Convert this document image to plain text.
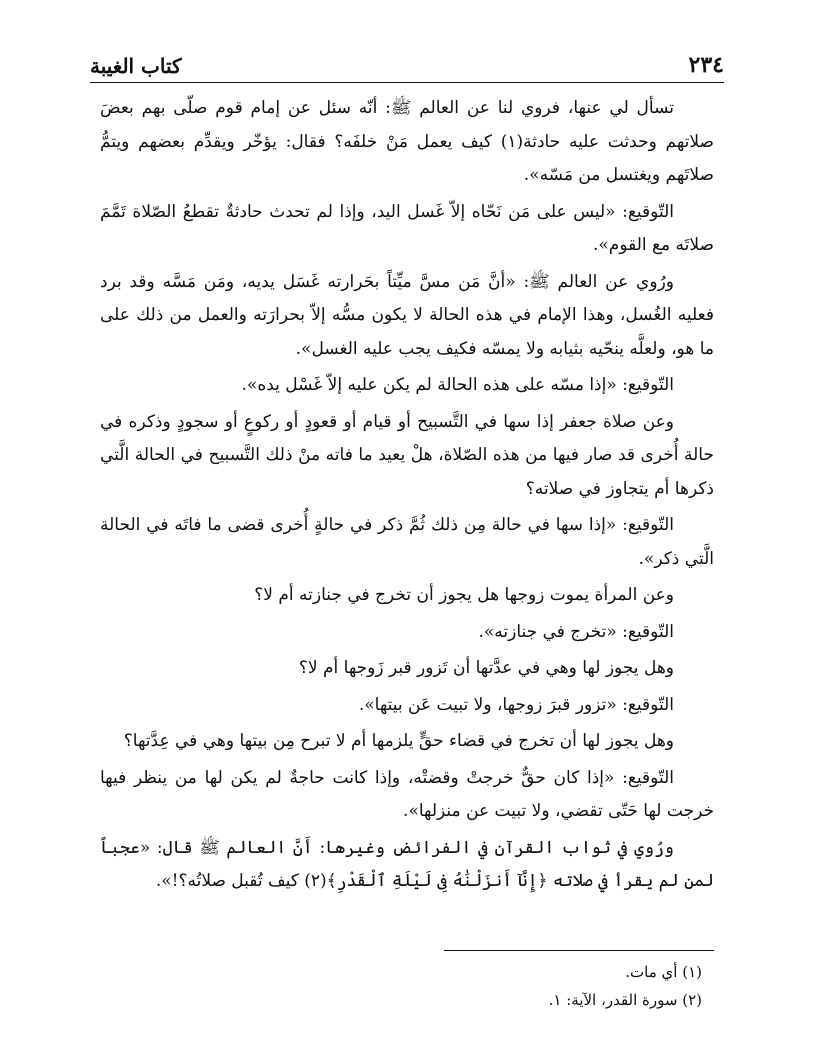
٢٣٤
كتاب الغيبة

تسأل لي عنها، فروي لنا عن العالم ﷺ: أنّه سئل عن إمام قوم صلّى بهم بعضَ صلاتهم وحدثت عليه حادثة(١) كيف يعمل مَنْ خلفَه؟ فقال: يؤخّر ويقدِّم بعضهم ويتمُّ صلاتَهم ويغتسل من مَسّه».

التّوقيع: «ليس على مَن نَحّاه إلاّ غَسل اليد، وإذا لم تحدث حادثةٌ تقطعُ الصّلاة تَمَّمَ صلاتَه مع القوم».

ورُوي عن العالم ﷺ: «أنَّ مَن مسَّ ميِّتاً بحَرارته غَسَل يديه، ومَن مَسَّه وقد برد فعليه الغُسل، وهذا الإمام في هذه الحالة لا يكون مسُّه إلاّ بحرارَته والعمل من ذلك على ما هو، ولعلَّه ينحّيه بثيابه ولا يمسّه فكيف يجب عليه الغسل».

التّوقيع: «إذا مسّه على هذه الحالة لم يكن عليه إلاّ غَسْل يده».

وعن صلاة جعفر إذا سها في التَّسبيح أو قيام أو قعودٍ أو ركوعٍ أو سجودٍ وذكره في حالة أُخرى قد صار فيها من هذه الصّلاة، هلْ يعيد ما فاته منْ ذلك التَّسبيح في الحالة الَّتي ذكرها أم يتجاوز في صلاته؟

التّوقيع: «إذا سها في حالة مِن ذلك ثُمَّ ذكر في حالةٍ أُخرى قضى ما فاتَه في الحالة الَّتي ذكر».

وعن المرأة يموت زوجها هل يجوز أن تخرج في جنازته أم لا؟

التّوقيع: «تخرج في جنازته».

وهل يجوز لها وهي في عدَّتها أن تَزور قبر زَوجها أم لا؟

التّوقيع: «تزور قبرَ زوجها، ولا تبيت عَن بيتها».

وهل يجوز لها أن تخرج في قضاء حقٍّ يلزمها أم لا تبرح مِن بيتها وهي في عِدَّتها؟

التّوقيع: «إذا كان حقٌّ خرجتْ وقضتْه، وإذا كانت حاجةٌ لم يكن لها من ينظر فيها خرجت لها حَتّى تقضي، ولا تبيت عن منزلها».

ورُوي في ثواب القرآن في الفرائض وغيرها: أَنَّ العالم ﷺ قال: «عجباً لمن لم يقرأ في صلاته ﴿إِنَّآ أَنزَلْنَٰهُ فِى لَيْلَةِ ٱلْقَدْرِ﴾(٢) كيف تُقبل صلاتُه؟!».

(١) أي مات.
(٢) سورة القدر، الآية: ١.
